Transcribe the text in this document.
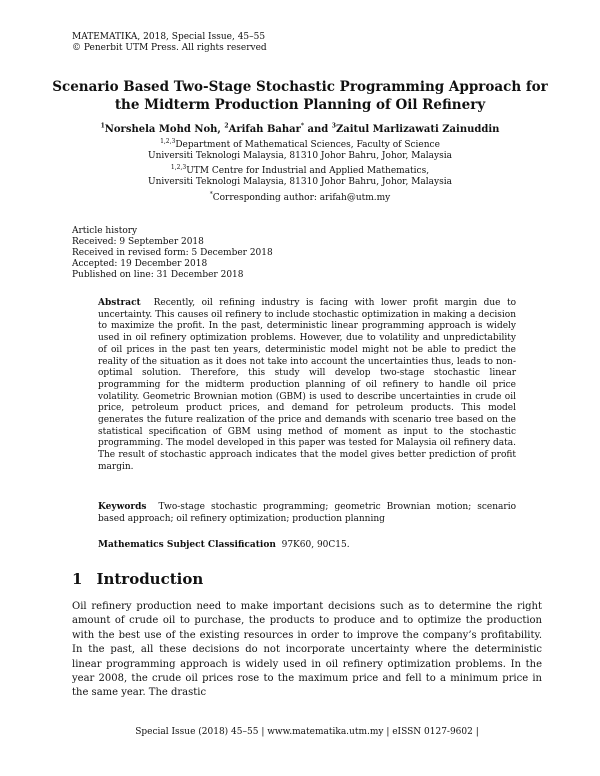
MATEMATIKA, 2018, Special Issue, 45–55
© Penerbit UTM Press. All rights reserved
Scenario Based Two-Stage Stochastic Programming Approach for
the Midterm Production Planning of Oil Refinery
$^1$Norshela Mohd Noh, $^2$Arifah Bahar* and $^3$Zaitul Marlizawati Zainuddin
$^{1,2,3}$Department of Mathematical Sciences, Faculty of Science
Universiti Teknologi Malaysia, 81310 Johor Bahru, Johor, Malaysia
$^{1,2,3}$UTM Centre for Industrial and Applied Mathematics,
Universiti Teknologi Malaysia, 81310 Johor Bahru, Johor, Malaysia
*Corresponding author: arifah@utm.my
Article history
Received: 9 September 2018
Received in revised form: 5 December 2018
Accepted: 19 December 2018
Published on line: 31 December 2018

Abstract Recently, oil refining industry is facing with lower profit margin due to uncertainty. This causes oil refinery to include stochastic optimization in making a decision to maximize the profit. In the past, deterministic linear programming approach is widely used in oil refinery optimization problems. However, due to volatility and unpredictability of oil prices in the past ten years, deterministic model might not be able to predict the reality of the situation as it does not take into account the uncertainties thus, leads to non-optimal solution. Therefore, this study will develop two-stage stochastic linear programming for the midterm production planning of oil refinery to handle oil price volatility. Geometric Brownian motion (GBM) is used to describe uncertainties in crude oil price, petroleum product prices, and demand for petroleum products. This model generates the future realization of the price and demands with scenario tree based on the statistical specification of GBM using method of moment as input to the stochastic programming. The model developed in this paper was tested for Malaysia oil refinery data. The result of stochastic approach indicates that the model gives better prediction of profit margin.

Keywords Two-stage stochastic programming; geometric Brownian motion; scenario based approach; oil refinery optimization; production planning

Mathematics Subject Classification 97K60, 90C15.

1 Introduction

Oil refinery production need to make important decisions such as to determine the right amount of crude oil to purchase, the products to produce and to optimize the production with the best use of the existing resources in order to improve the company’s profitability. In the past, all these decisions do not incorporate uncertainty where the deterministic linear programming approach is widely used in oil refinery optimization problems. In the year 2008, the crude oil prices rose to the maximum price and fell to a minimum price in the same year. The drastic

Special Issue (2018) 45–55 | www.matematika.utm.my | eISSN 0127-9602 |
